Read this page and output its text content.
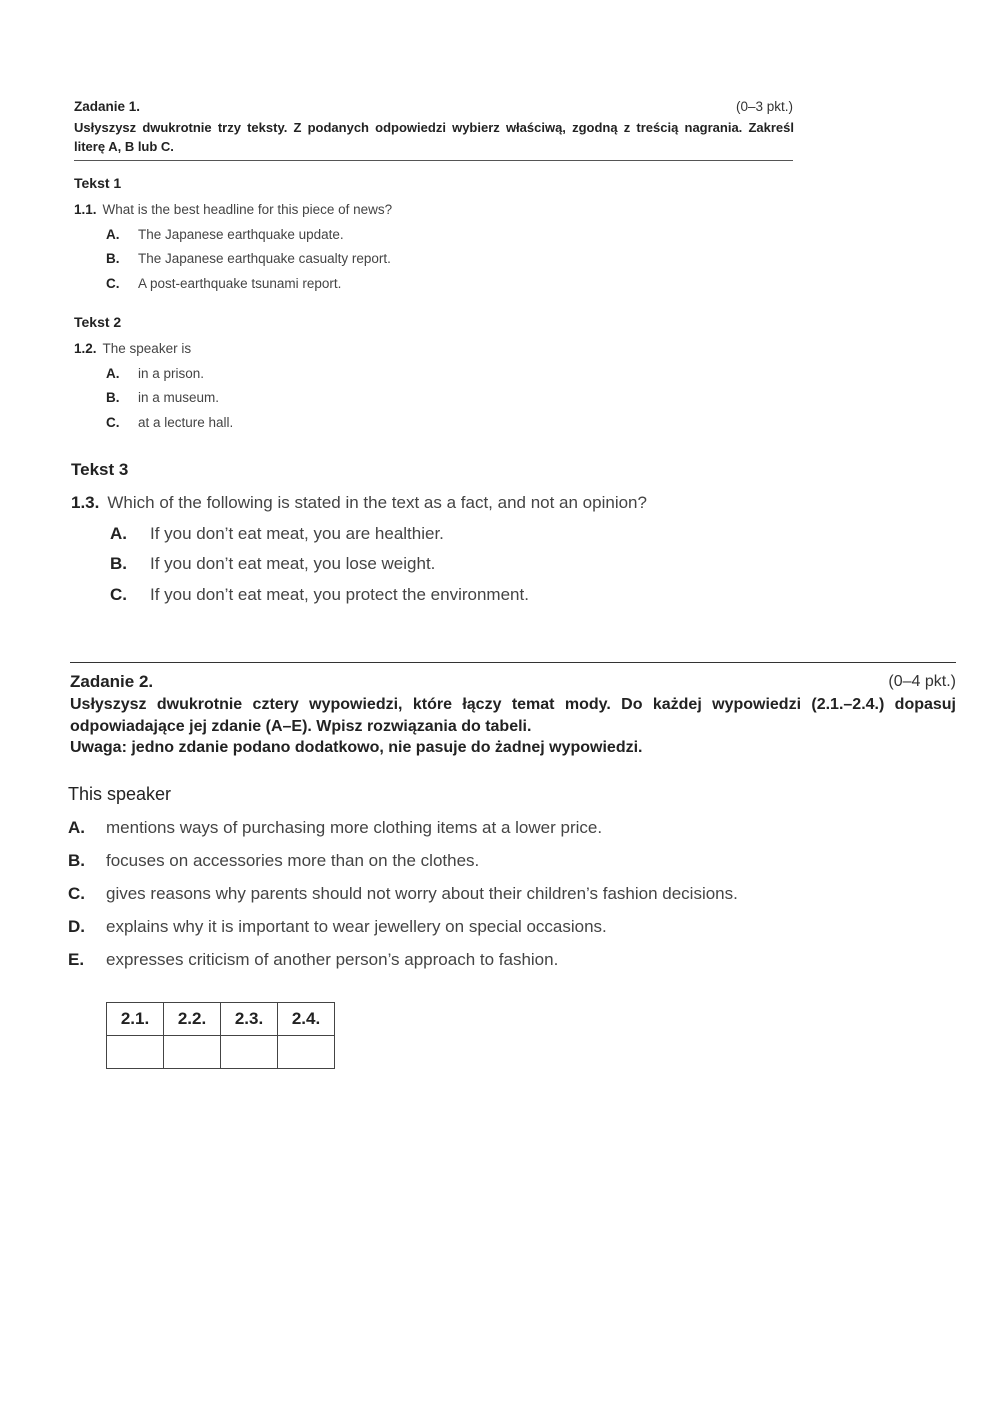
Zadanie 1.	(0–3 pkt.)
Usłyszysz dwukrotnie trzy teksty. Z podanych odpowiedzi wybierz właściwą, zgodną z treścią nagrania. Zakreśl literę A, B lub C.
Tekst 1
1.1. What is the best headline for this piece of news?
A. The Japanese earthquake update.
B. The Japanese earthquake casualty report.
C. A post-earthquake tsunami report.
Tekst 2
1.2. The speaker is
A. in a prison.
B. in a museum.
C. at a lecture hall.
Tekst 3
1.3. Which of the following is stated in the text as a fact, and not an opinion?
A. If you don’t eat meat, you are healthier.
B. If you don’t eat meat, you lose weight.
C. If you don’t eat meat, you protect the environment.
Zadanie 2.	(0–4 pkt.)
Usłyszysz dwukrotnie cztery wypowiedzi, które łączy temat mody. Do każdej wypowiedzi (2.1.–2.4.) dopasuj odpowiadające jej zdanie (A–E). Wpisz rozwiązania do tabeli.
Uwaga: jedno zdanie podano dodatkowo, nie pasuje do żadnej wypowiedzi.
This speaker
A. mentions ways of purchasing more clothing items at a lower price.
B. focuses on accessories more than on the clothes.
C. gives reasons why parents should not worry about their children’s fashion decisions.
D. explains why it is important to wear jewellery on special occasions.
E. expresses criticism of another person’s approach to fashion.
2.1.	2.2.	2.3.	2.4.
